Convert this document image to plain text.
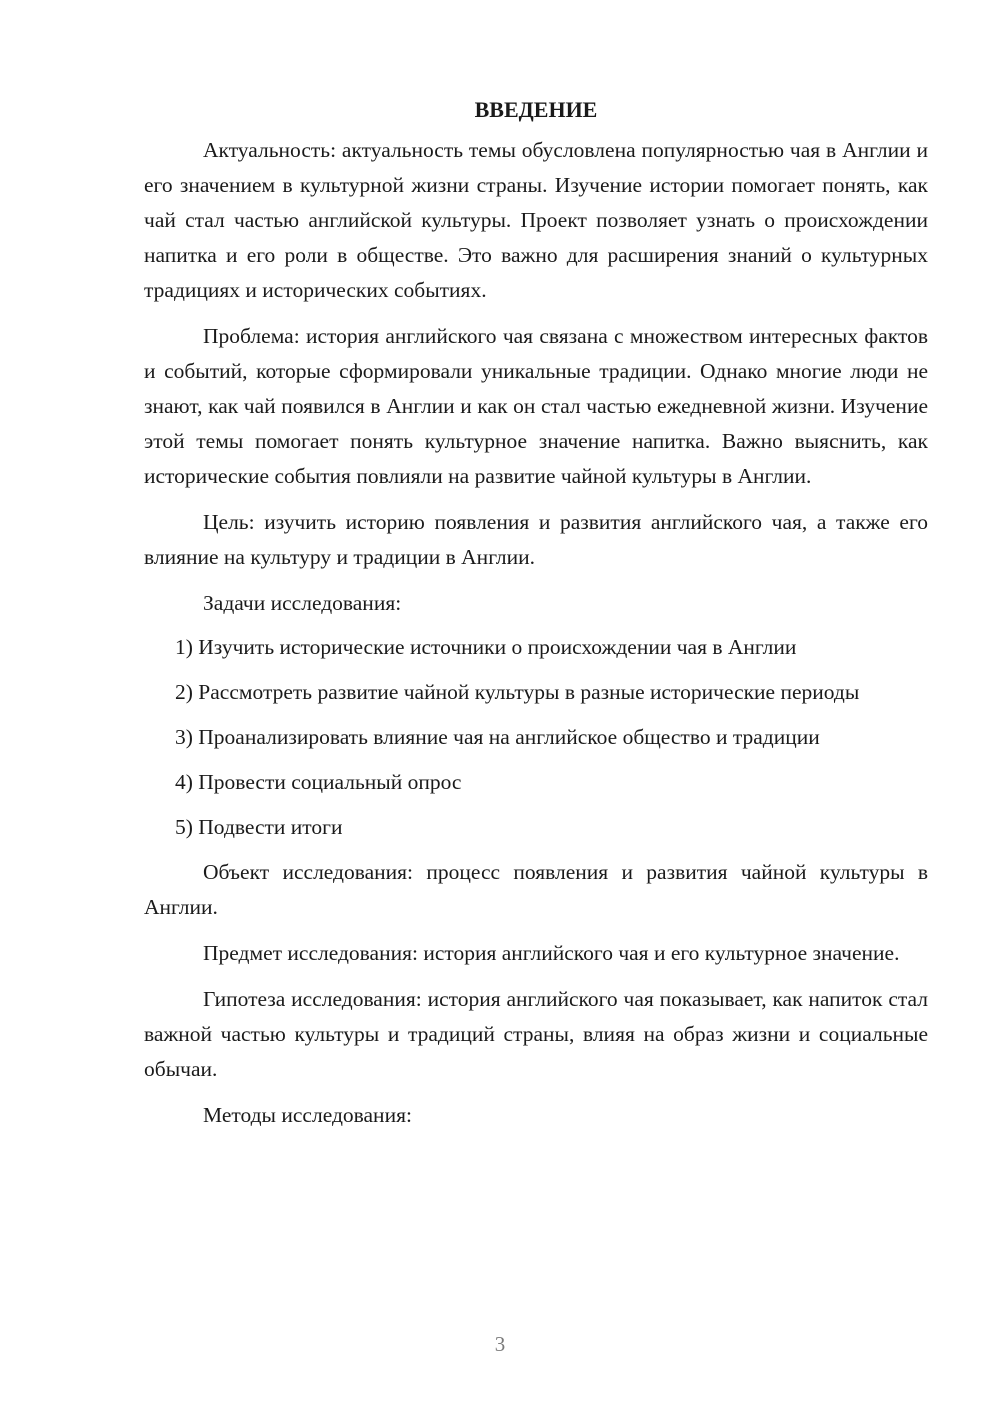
ВВЕДЕНИЕ

Актуальность: актуальность темы обусловлена популярностью чая в Англии и его значением в культурной жизни страны. Изучение истории помогает понять, как чай стал частью английской культуры. Проект позволяет узнать о происхождении напитка и его роли в обществе. Это важно для расширения знаний о культурных традициях и исторических событиях.

Проблема: история английского чая связана с множеством интересных фактов и событий, которые сформировали уникальные традиции. Однако многие люди не знают, как чай появился в Англии и как он стал частью ежедневной жизни. Изучение этой темы помогает понять культурное значение напитка. Важно выяснить, как исторические события повлияли на развитие чайной культуры в Англии.

Цель: изучить историю появления и развития английского чая, а также его влияние на культуру и традиции в Англии.

Задачи исследования:

1) Изучить исторические источники о происхождении чая в Англии

2) Рассмотреть развитие чайной культуры в разные исторические периоды

3) Проанализировать влияние чая на английское общество и традиции

4) Провести социальный опрос

5) Подвести итоги

Объект исследования: процесс появления и развития чайной культуры в Англии.

Предмет исследования: история английского чая и его культурное значение.

Гипотеза исследования: история английского чая показывает, как напиток стал важной частью культуры и традиций страны, влияя на образ жизни и социальные обычаи.

Методы исследования:

3
